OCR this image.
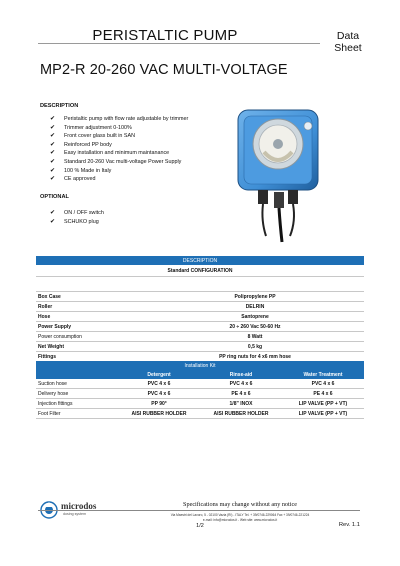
PERISTALTIC PUMP	Data
Sheet
MP2-R 20-260 VAC MULTI-VOLTAGE
DESCRIPTION
✔ Peristaltic pump with flow rate adjustable by trimmer
✔ Trimmer adjustment 0-100%
✔ Front cover glass built in SAN
✔ Reinforced PP body
✔ Easy installation and minimum maintanance
✔ Standard 20-260 Vac multi-voltage Power Supply
✔ 100 % Made in Italy
✔ CE approved
OPTIONAL
✔ ON / OFF switch
✔ SCHUKO plug
DESCRIPTION	
Standard CONFIGURATION	

Box Case	Polipropylene PP
Roller	DELRIN
Hose	Santoprene
Power Supply	20 ÷ 260 Vac 50-60 Hz
Power consumption	8 Watt
Net Weight	0,5 kg
Fittings	PP ring nuts for 4 x6 mm hose
Installation Kit			
	Detergent	Rinse-aid	Water Treatment
Suction hose	PVC 4 x 6	PVC 4 x 6	PVC 4 x 6
Delivery hose	PVC 4 x 6	PE 4 x 6	PE 4 x 6
Injection fittings	PP 90°	1/8" INOX	LIP VALVE (PP + VT)
Foot Filter	AISI RUBBER HOLDER	AISI RUBBER HOLDER	LIP VALVE (PP + VT)
microdos
dosing system
Specifications may change without any notice
Via Maestri del Lavoro, 5 - 02100 Vazia (RI) - ITALY Tel. + 39/0746-229064 Fax + 39/0746-221224
e-mail: info@microdos.it - Web site: www.microdos.it
1/2	Rev. 1.1
